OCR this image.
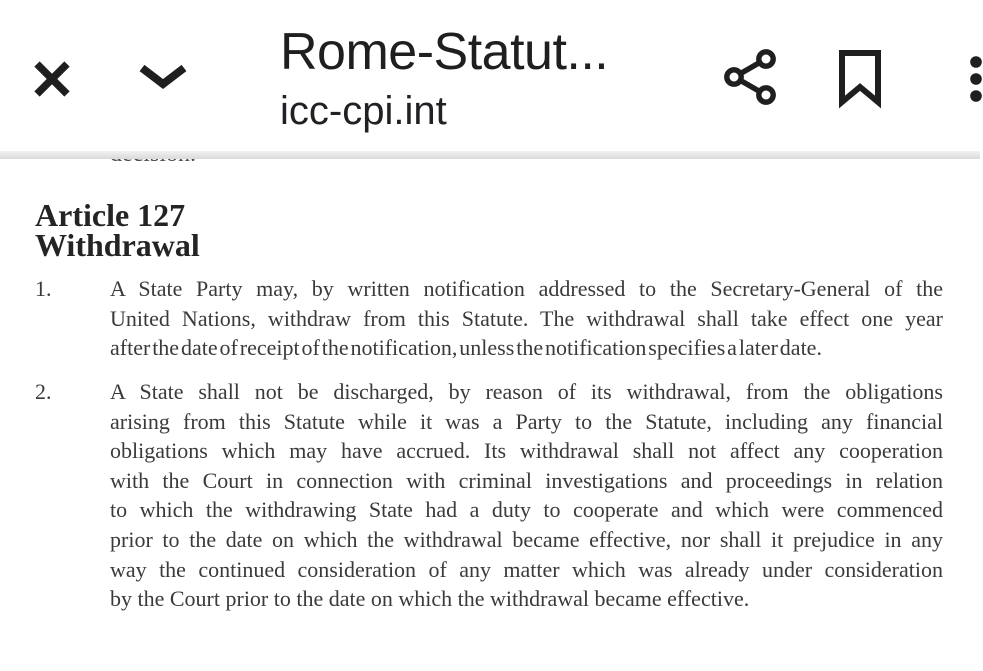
Rome-Statut...
icc-cpi.int
Article 127
Withdrawal
1.	A State Party may, by written notification addressed to the Secretary-General of the
United Nations, withdraw from this Statute. The withdrawal shall take effect one year
after the date of receipt of the notification, unless the notification specifies a later date.
2.	A State shall not be discharged, by reason of its withdrawal, from the obligations
arising from this Statute while it was a Party to the Statute, including any financial
obligations which may have accrued. Its withdrawal shall not affect any cooperation
with the Court in connection with criminal investigations and proceedings in relation
to which the withdrawing State had a duty to cooperate and which were commenced
prior to the date on which the withdrawal became effective, nor shall it prejudice in any
way the continued consideration of any matter which was already under consideration
by the Court prior to the date on which the withdrawal became effective.
